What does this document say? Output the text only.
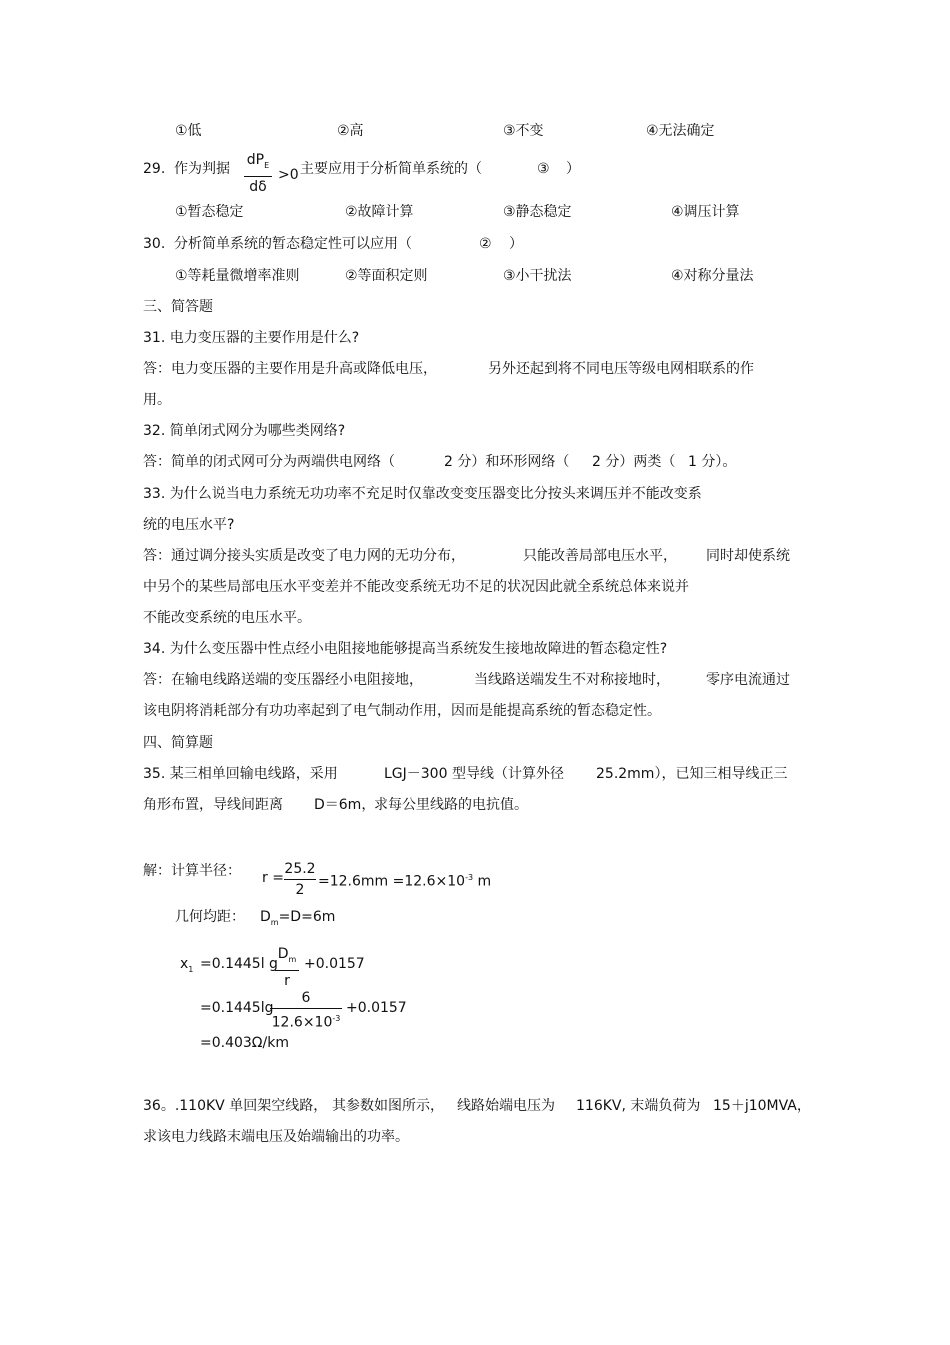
①低	②高	③不变	④无法确定
29. 作为判据
$dP_E$
dδ
>0 主要应用于分析简单系统的（	③ ）
①暂态稳定	②故障计算	③静态稳定	④调压计算
30. 分析简单系统的暂态稳定性可以应用（	② ）
①等耗量微增率准则	②等面积定则	③小干扰法	④对称分量法
三、简答题
31. 电力变压器的主要作用是什么?
答：电力变压器的主要作用是升高或降低电压，	另外还起到将不同电压等级电网相联系的作
用。
32. 简单闭式网分为哪些类网络?
答：简单的闭式网可分为两端供电网络（	2 分）和环形网络（ 2 分）两类（ 1 分）。
33. 为什么说当电力系统无功功率不充足时仅靠改变变压器变比分按头来调压并不能改变系
统的电压水平?
答：通过调分接头实质是改变了电力网的无功分布，	只能改善局部电压水平， 同时却使系统
中另个的某些局部电压水平变差并不能改变系统无功不足的状况因此就全系统总体来说并
不能改变系统的电压水平。
34. 为什么变压器中性点经小电阻接地能够提高当系统发生接地故障进的暂态稳定性?
答：在输电线路送端的变压器经小电阻接地，	当线路送端发生不对称接地时，	零序电流通过
该电阴将消耗部分有功功率起到了电气制动作用，因而是能提高系统的暂态稳定性。
四、简算题
35. 某三相单回输电线路，采用	LGJ－300 型导线（计算外径 25.2mm），已知三相导线正三
角形布置，导线间距离 D＝6m，
求每公里线路的电抗值。
解：计算半径： r =
25.2
2
$=12.6mm =12.6\times 10^{-3}$ m
几何均距： $D_m=D=6m$
$x_1 =0.1445l$ g
$D_m$
r
+0.0157
=0.1445lg
6
$12.6\times 10^{-3}$
+0.0157
=0.403Ω/km
36。.110KV 单回架空线路， 其参数如图所示， 线路始端电压为 116KV, 末端负荷为 15＋j10MVA，
求该电力线路末端电压及始端输出的功率。
